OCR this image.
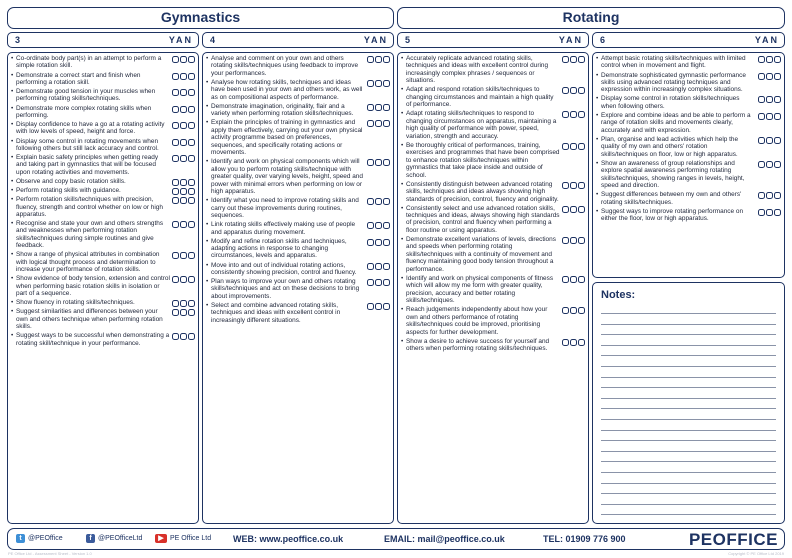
Gymnastics	Rotating
3	YAN 4	YAN 5	YAN 6	YAN
• Co-ordinate body part(s) in an attempt to perform a simple rotation skill.
• Demonstrate a correct start and finish when performing a rotation skill.
• Demonstrate good tension in your muscles when performing rotating skills/techniques.
• Demonstrate more complex rotating skills when performing.
• Display confidence to have a go at a rotating activity with low levels of speed, height and force.
• Display some control in rotating movements when following others but still lack accuracy and control.
• Explain basic safety principles when getting ready and taking part in gymnastics that will be focused upon rotating activities and movements.
• Observe and copy basic rotation skills.
• Perform rotating skills with guidance.
• Perform rotation skills/techniques with precision, fluency, strength and control whether on low or high apparatus.
• Recognise and state your own and others strengths and weaknesses when performing rotation skills/techniques during simple routines and give feedback.
• Show a range of physical attributes in combination with logical thought process and determination to increase your performance of rotation skills.
• Show evidence of body tension, extension and control when performing basic rotation skills in isolation or part of a sequence.
• Show fluency in rotating skills/techniques.
• Suggest similarities and differences between your own and others technique when performing rotation skills.
• Suggest ways to be successful when demonstrating a rotating skill/technique in your performance.
• Analyse and comment on your own and others rotating skills/techniques using feedback to improve your performances.
• Analyse how rotating skills, techniques and ideas have been used in your own and others work, as well as on compositional aspects of performance.
• Demonstrate imagination, originality, flair and a variety when performing rotation skills/techniques.
• Explain the principles of training in gymnastics and apply them effectively, carrying out your own physical activity programme based on preferences, sequences, and specifically rotating actions or movements.
• Identify and work on physical components which will allow you to perform rotating skills/technique with greater quality, over varying levels, height, speed and power with minimal errors when performing on low or high apparatus.
• Identify what you need to improve rotating skills and carry out these improvements during routines, sequences.
• Link rotating skills effectively making use of people and apparatus during movement.
• Modify and refine rotation skills and techniques, adapting actions in response to changing circumstances, levels and apparatus.
• Move into and out of individual rotating actions, consistently showing precision, control and fluency.
• Plan ways to improve your own and others rotating skills/techniques and act on these decisions to bring about improvements.
• Select and combine advanced rotating skills, techniques and ideas with excellent control in increasingly different situations.
• Accurately replicate advanced rotating skills, techniques and ideas with excellent control during increasingly complex phrases / sequences or situations.
• Adapt and respond rotation skills/techniques to changing circumstances and maintain a high quality of performance.
• Adapt rotating skills/techniques to respond to changing circumstances on apparatus, maintaining a high quality of performance with power, speed, variation, strength and accuracy.
• Be thoroughly critical of performances, training, exercises and programmes that have been comprised to enhance rotation skills/techniques within gymnastics that take place inside and outside of school.
• Consistently distinguish between advanced rotating skills, techniques and ideas always showing high standards of precision, control, fluency and originality.
• Consistently select and use advanced rotation skills, techniques and ideas, always showing high standards of precision, control and fluency when performing a floor routine or using apparatus.
• Demonstrate excellent variations of levels, directions and speeds when performing rotating skills/techniques with a continuity of movement and fluency maintaining good body tension throughout a performance.
• Identify and work on physical components of fitness which will allow my me form with greater quality, precision, accuracy and better rotating skills/techniques.
• Reach judgements independently about how your own and others performance of rotating skills/techniques could be improved, prioritising aspects for further development.
• Show a desire to achieve success for yourself and others when performing rotating skills/techniques.
• Attempt basic rotating skills/techniques with limited control when in movement and flight.
• Demonstrate sophisticated gymnastic performance skills using advanced rotating techniques and expression within increasingly complex situations.
• Display some control in rotation skills/techniques when following others.
• Explore and combine ideas and be able to perform a range of rotation skills and movements clearly, accurately and with expression.
• Plan, organise and lead activities which help the quality of my own and others' rotation skills/techniques on floor, low or high apparatus.
• Show an awareness of group relationships and explore spatial awareness performing rotating skills/techniques, showing ranges in levels, height, speed and direction.
• Suggest differences between my own and others' rotating skills/techniques.
• Suggest ways to improve rotating performance on either the floor, low or high apparatus.
Notes:
t @PEOffice	f @PEOfficeLtd	▶ PE Office Ltd WEB: www.peoffice.co.uk	EMAIL: mail@peoffice.co.uk	TEL: 01909 776 900	PEOFFICE
PE Office Ltd - Assessment Sheet - Version 1.0	Copyright © PE Office Ltd 2019
